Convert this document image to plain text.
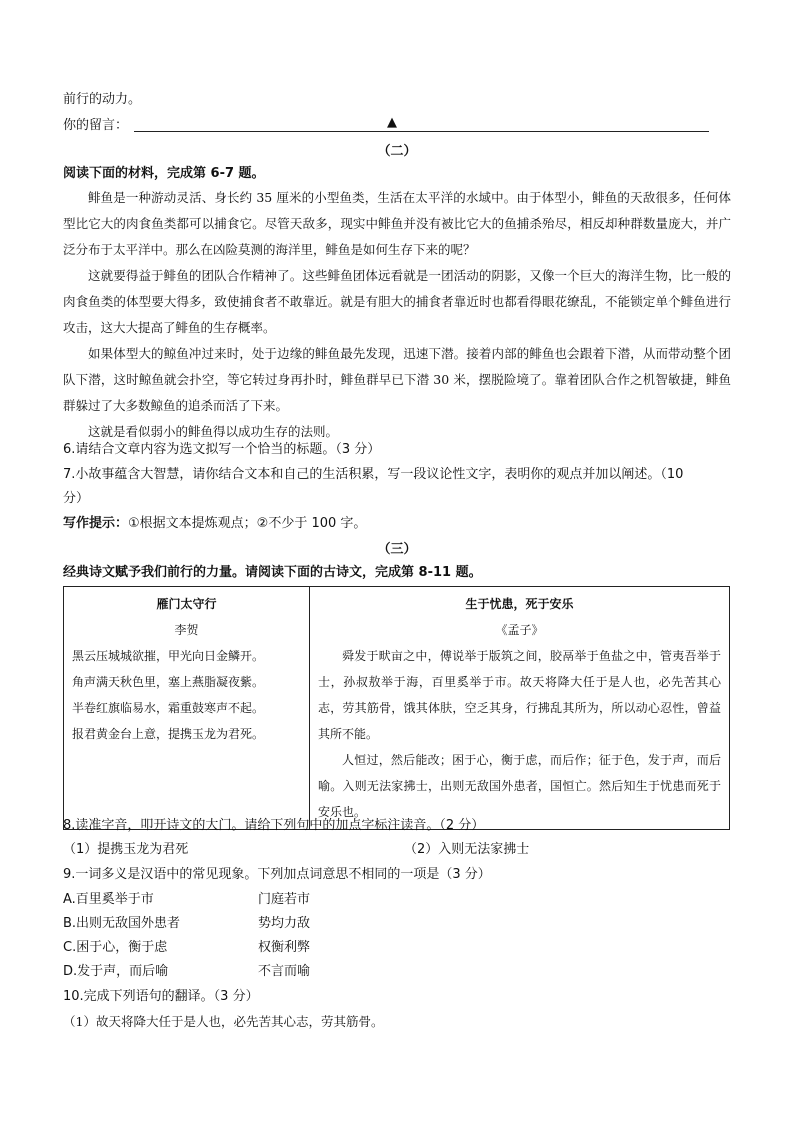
前行的动力。
你的留言：	▲
（二）
阅读下面的材料，完成第 6-7 题。
鲱鱼是一种游动灵活、身长约 35 厘米的小型鱼类，生活在太平洋的水域中。由于体型小，鲱鱼的天敌很多，任何体型比它大的肉食鱼类都可以捕食它。尽管天敌多，现实中鲱鱼并没有被比它大的鱼捕杀殆尽，相反却种群数量庞大，并广泛分布于太平洋中。那么在凶险莫测的海洋里，鲱鱼是如何生存下来的呢？
这就要得益于鲱鱼的团队合作精神了。这些鲱鱼团体远看就是一团活动的阴影，又像一个巨大的海洋生物，比一般的肉食鱼类的体型要大得多，致使捕食者不敢靠近。就是有胆大的捕食者靠近时也都看得眼花缭乱，不能锁定单个鲱鱼进行攻击，这大大提高了鲱鱼的生存概率。
如果体型大的鲸鱼冲过来时，处于边缘的鲱鱼最先发现，迅速下潜。接着内部的鲱鱼也会跟着下潜，从而带动整个团队下潜，这时鲸鱼就会扑空，等它转过身再扑时，鲱鱼群早已下潜 30 米，摆脱险境了。靠着团队合作之机智敏捷，鲱鱼群躲过了大多数鲸鱼的追杀而活了下来。
这就是看似弱小的鲱鱼得以成功生存的法则。
6.请结合文章内容为选文拟写一个恰当的标题。（3 分）
7.小故事蕴含大智慧，请你结合文本和自己的生活积累，写一段议论性文字，表明你的观点并加以阐述。（10
分）
写作提示：①根据文本提炼观点；②不少于 100 字。
（三）
经典诗文赋予我们前行的力量。请阅读下面的古诗文，完成第 8-11 题。
雁门太守行
李贺
黑云压城城欲摧，甲光向日金鳞开。
角声满天秋色里，塞上燕脂凝夜紫。
半卷红旗临易水，霜重鼓寒声不起。
报君黄金台上意，提携玉龙为君死。

生于忧患，死于安乐
《孟子》
舜发于畎亩之中，傅说举于版筑之间，胶鬲举于鱼盐之中，管夷吾举于士，孙叔敖举于海，百里奚举于市。故天将降大任于是人也，必先苦其心志，劳其筋骨，饿其体肤，空乏其身，行拂乱其所为，所以动心忍性，曾益其所不能。
人恒过，然后能改；困于心，衡于虑，而后作；征于色，发于声，而后喻。入则无法家拂士，出则无敌国外患者，国恒亡。然后知生于忧患而死于安乐也。
8.读准字音，叩开诗文的大门。请给下列句中的加点字标注读音。（2 分）
（1）提携玉龙为君死	（2）入则无法家拂士
9.一词多义是汉语中的常见现象。下列加点词意思不相同的一项是（3 分）
A.百里奚举于市	门庭若市
B.出则无敌国外患者	势均力敌
C.困于心，衡于虑	权衡利弊
D.发于声，而后喻	不言而喻
10.完成下列语句的翻译。（3 分）
（1）故天将降大任于是人也，必先苦其心志，劳其筋骨。
